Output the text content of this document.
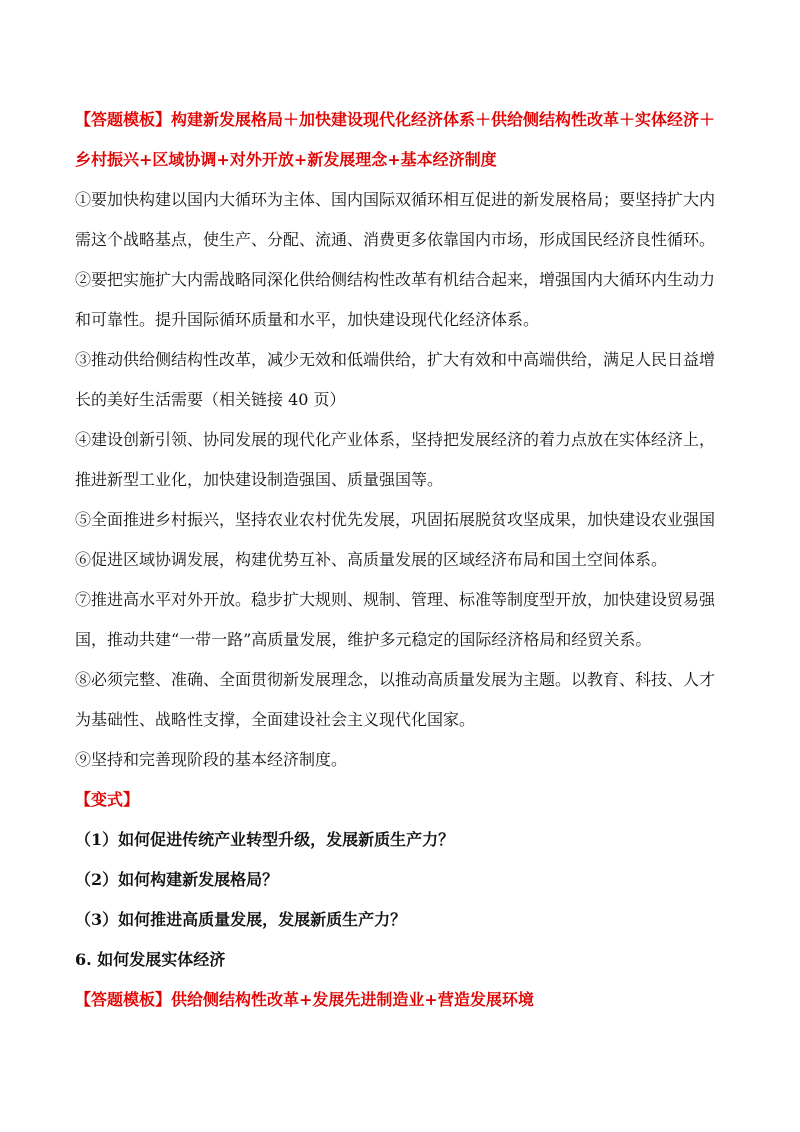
【答题模板】构建新发展格局＋加快建设现代化经济体系＋供给侧结构性改革＋实体经济＋
乡村振兴+区域协调+对外开放+新发展理念+基本经济制度
①要加快构建以国内大循环为主体、国内国际双循环相互促进的新发展格局；要坚持扩大内
需这个战略基点，使生产、分配、流通、消费更多依靠国内市场，形成国民经济良性循环。
②要把实施扩大内需战略同深化供给侧结构性改革有机结合起来，增强国内大循环内生动力
和可靠性。提升国际循环质量和水平，加快建设现代化经济体系。
③推动供给侧结构性改革，减少无效和低端供给，扩大有效和中高端供给，满足人民日益增
长的美好生活需要（相关链接 40 页）
④建设创新引领、协同发展的现代化产业体系，坚持把发展经济的着力点放在实体经济上，
推进新型工业化，加快建设制造强国、质量强国等。
⑤全面推进乡村振兴，坚持农业农村优先发展，巩固拓展脱贫攻坚成果，加快建设农业强国
⑥促进区域协调发展，构建优势互补、高质量发展的区域经济布局和国土空间体系。
⑦推进高水平对外开放。稳步扩大规则、规制、管理、标准等制度型开放，加快建设贸易强
国，推动共建“一带一路”高质量发展，维护多元稳定的国际经济格局和经贸关系。
⑧必须完整、准确、全面贯彻新发展理念，以推动高质量发展为主题。以教育、科技、人才
为基础性、战略性支撑，全面建设社会主义现代化国家。
⑨坚持和完善现阶段的基本经济制度。
【变式】
（1）如何促进传统产业转型升级，发展新质生产力？
（2）如何构建新发展格局？
（3）如何推进高质量发展，发展新质生产力？
6. 如何发展实体经济
【答题模板】供给侧结构性改革+发展先进制造业+营造发展环境
